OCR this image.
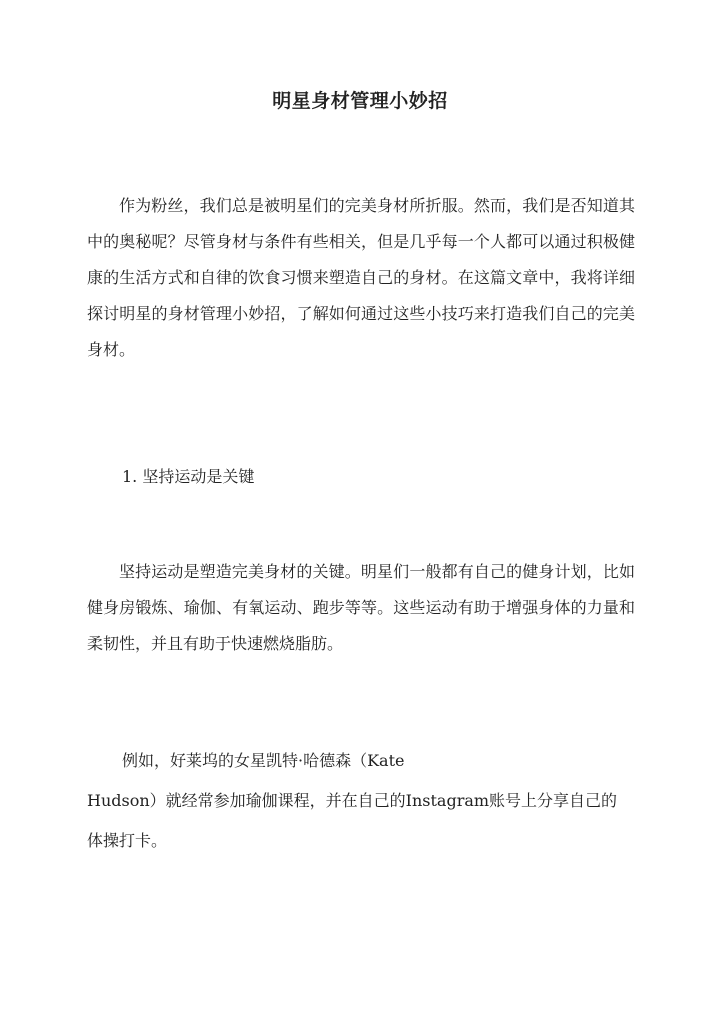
明星身材管理小妙招

作为粉丝，我们总是被明星们的完美身材所折服。然而，我们是否知道其中的奥秘呢？尽管身材与条件有些相关，但是几乎每一个人都可以通过积极健康的生活方式和自律的饮食习惯来塑造自己的身材。在这篇文章中，我将详细探讨明星的身材管理小妙招，了解如何通过这些小技巧来打造我们自己的完美身材。

1. 坚持运动是关键

坚持运动是塑造完美身材的关键。明星们一般都有自己的健身计划，比如健身房锻炼、瑜伽、有氧运动、跑步等等。这些运动有助于增强身体的力量和柔韧性，并且有助于快速燃烧脂肪。

例如，好莱坞的女星凯特·哈德森（Kate
Hudson）就经常参加瑜伽课程，并在自己的Instagram账号上分享自己的
体操打卡。
